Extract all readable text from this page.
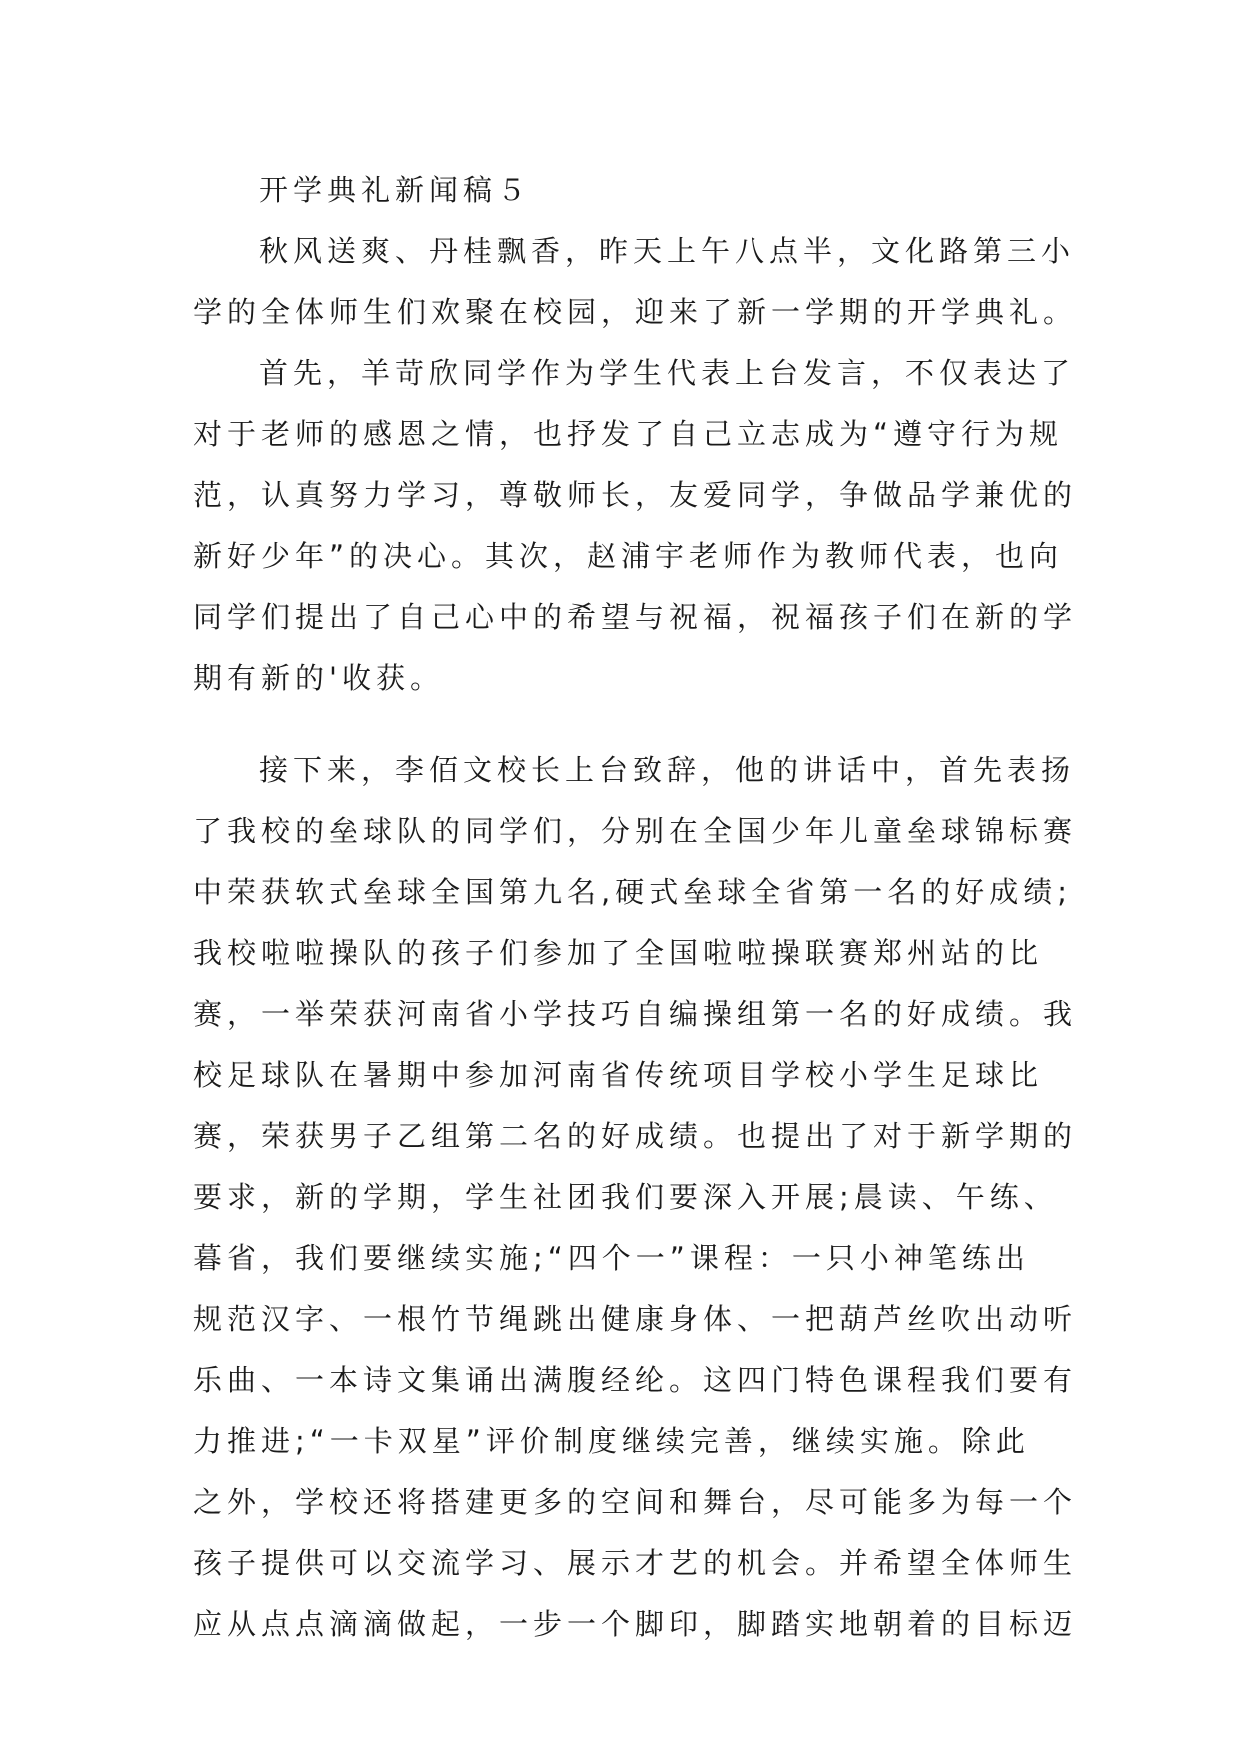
开学典礼新闻稿５
秋风送爽、丹桂飘香，昨天上午八点半，文化路第三小
学的全体师生们欢聚在校园，迎来了新一学期的开学典礼。
首先，羊苛欣同学作为学生代表上台发言，不仅表达了
对于老师的感恩之情，也抒发了自己立志成为“遵守行为规
范，认真努力学习，尊敬师长，友爱同学，争做品学兼优的
新好少年”的决心。其次，赵浦宇老师作为教师代表，也向
同学们提出了自己心中的希望与祝福，祝福孩子们在新的学
期有新的'收获。
接下来，李佰文校长上台致辞，他的讲话中，首先表扬
了我校的垒球队的同学们，分别在全国少年儿童垒球锦标赛
中荣获软式垒球全国第九名,硬式垒球全省第一名的好成绩;
我校啦啦操队的孩子们参加了全国啦啦操联赛郑州站的比
赛，一举荣获河南省小学技巧自编操组第一名的好成绩。我
校足球队在暑期中参加河南省传统项目学校小学生足球比
赛，荣获男子乙组第二名的好成绩。也提出了对于新学期的
要求，新的学期，学生社团我们要深入开展;晨读、午练、
暮省，我们要继续实施;“四个一”课程：一只小神笔练出
规范汉字、一根竹节绳跳出健康身体、一把葫芦丝吹出动听
乐曲、一本诗文集诵出满腹经纶。这四门特色课程我们要有
力推进;“一卡双星”评价制度继续完善，继续实施。除此
之外，学校还将搭建更多的空间和舞台，尽可能多为每一个
孩子提供可以交流学习、展示才艺的机会。并希望全体师生
应从点点滴滴做起，一步一个脚印，脚踏实地朝着的目标迈
